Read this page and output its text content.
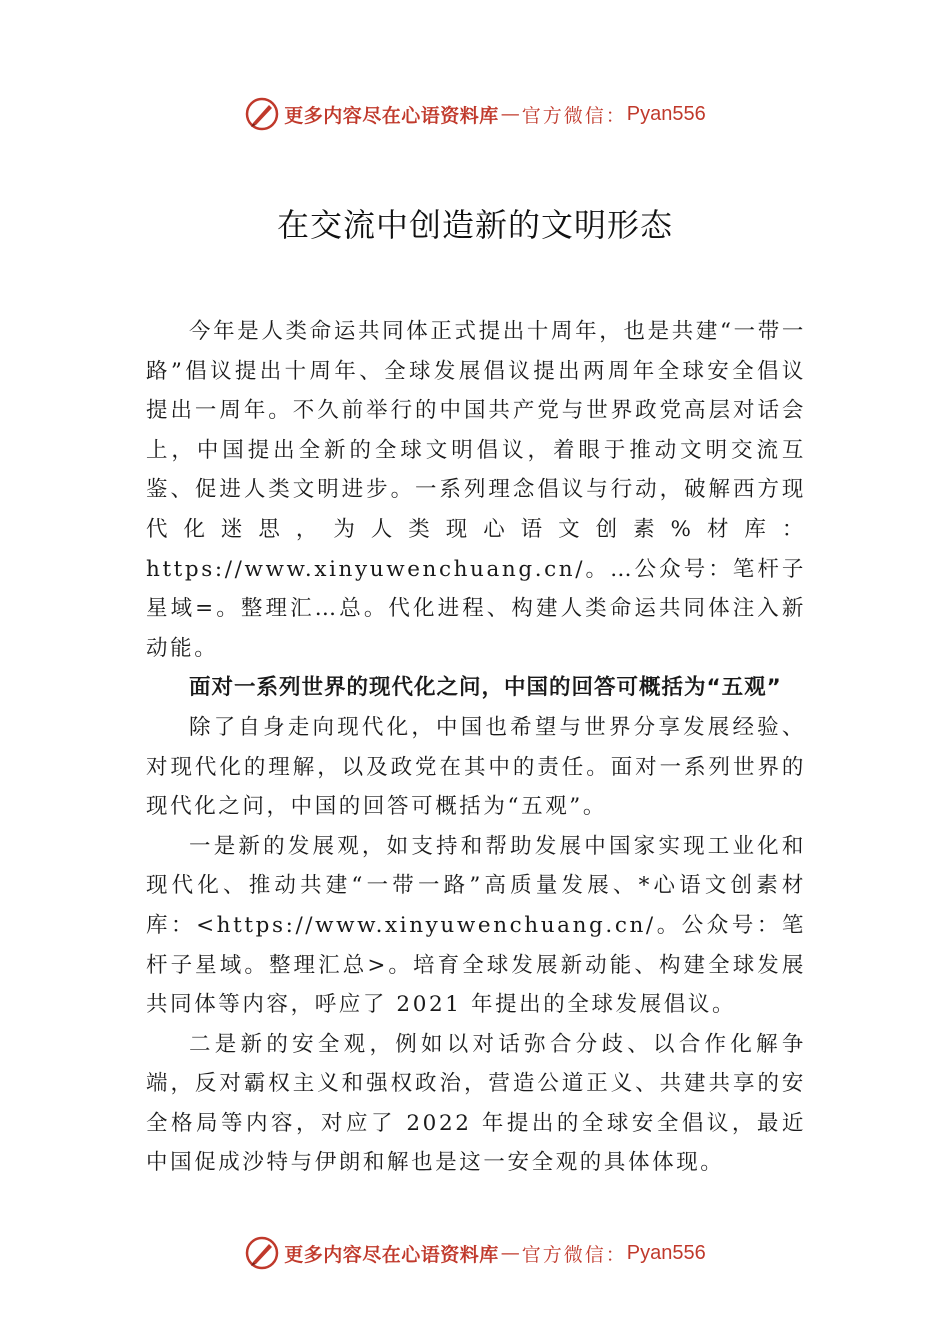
更多内容尽在心语资料库 — 官方微信： Pyan556
在交流中创造新的文明形态

今年是人类命运共同体正式提出十周年，也是共建“一带一路”倡议提出十周年、全球发展倡议提出两周年全球安全倡议提出一周年。不久前举行的中国共产党与世界政党高层对话会上，中国提出全新的全球文明倡议，着眼于推动文明交流互鉴、促进人类文明进步。一系列理念倡议与行动，破解西方现代化迷思，为人类现心语文创素%材库：https://www.xinyuwenchuang.cn/。…公众号：笔杆子星域=。整理汇…总。代化进程、构建人类命运共同体注入新动能。

面对一系列世界的现代化之问，中国的回答可概括为“五观”

除了自身走向现代化，中国也希望与世界分享发展经验、对现代化的理解，以及政党在其中的责任。面对一系列世界的现代化之问，中国的回答可概括为“五观”。

一是新的发展观，如支持和帮助发展中国家实现工业化和现代化、推动共建“一带一路”高质量发展、*心语文创素材库：<https://www.xinyuwenchuang.cn/。公众号：笔杆子星域。整理汇总>。培育全球发展新动能、构建全球发展共同体等内容，呼应了 2021 年提出的全球发展倡议。

二是新的安全观，例如以对话弥合分歧、以合作化解争端，反对霸权主义和强权政治，营造公道正义、共建共享的安全格局等内容，对应了 2022 年提出的全球安全倡议，最近中国促成沙特与伊朗和解也是这一安全观的具体体现。

更多内容尽在心语资料库 — 官方微信： Pyan556
